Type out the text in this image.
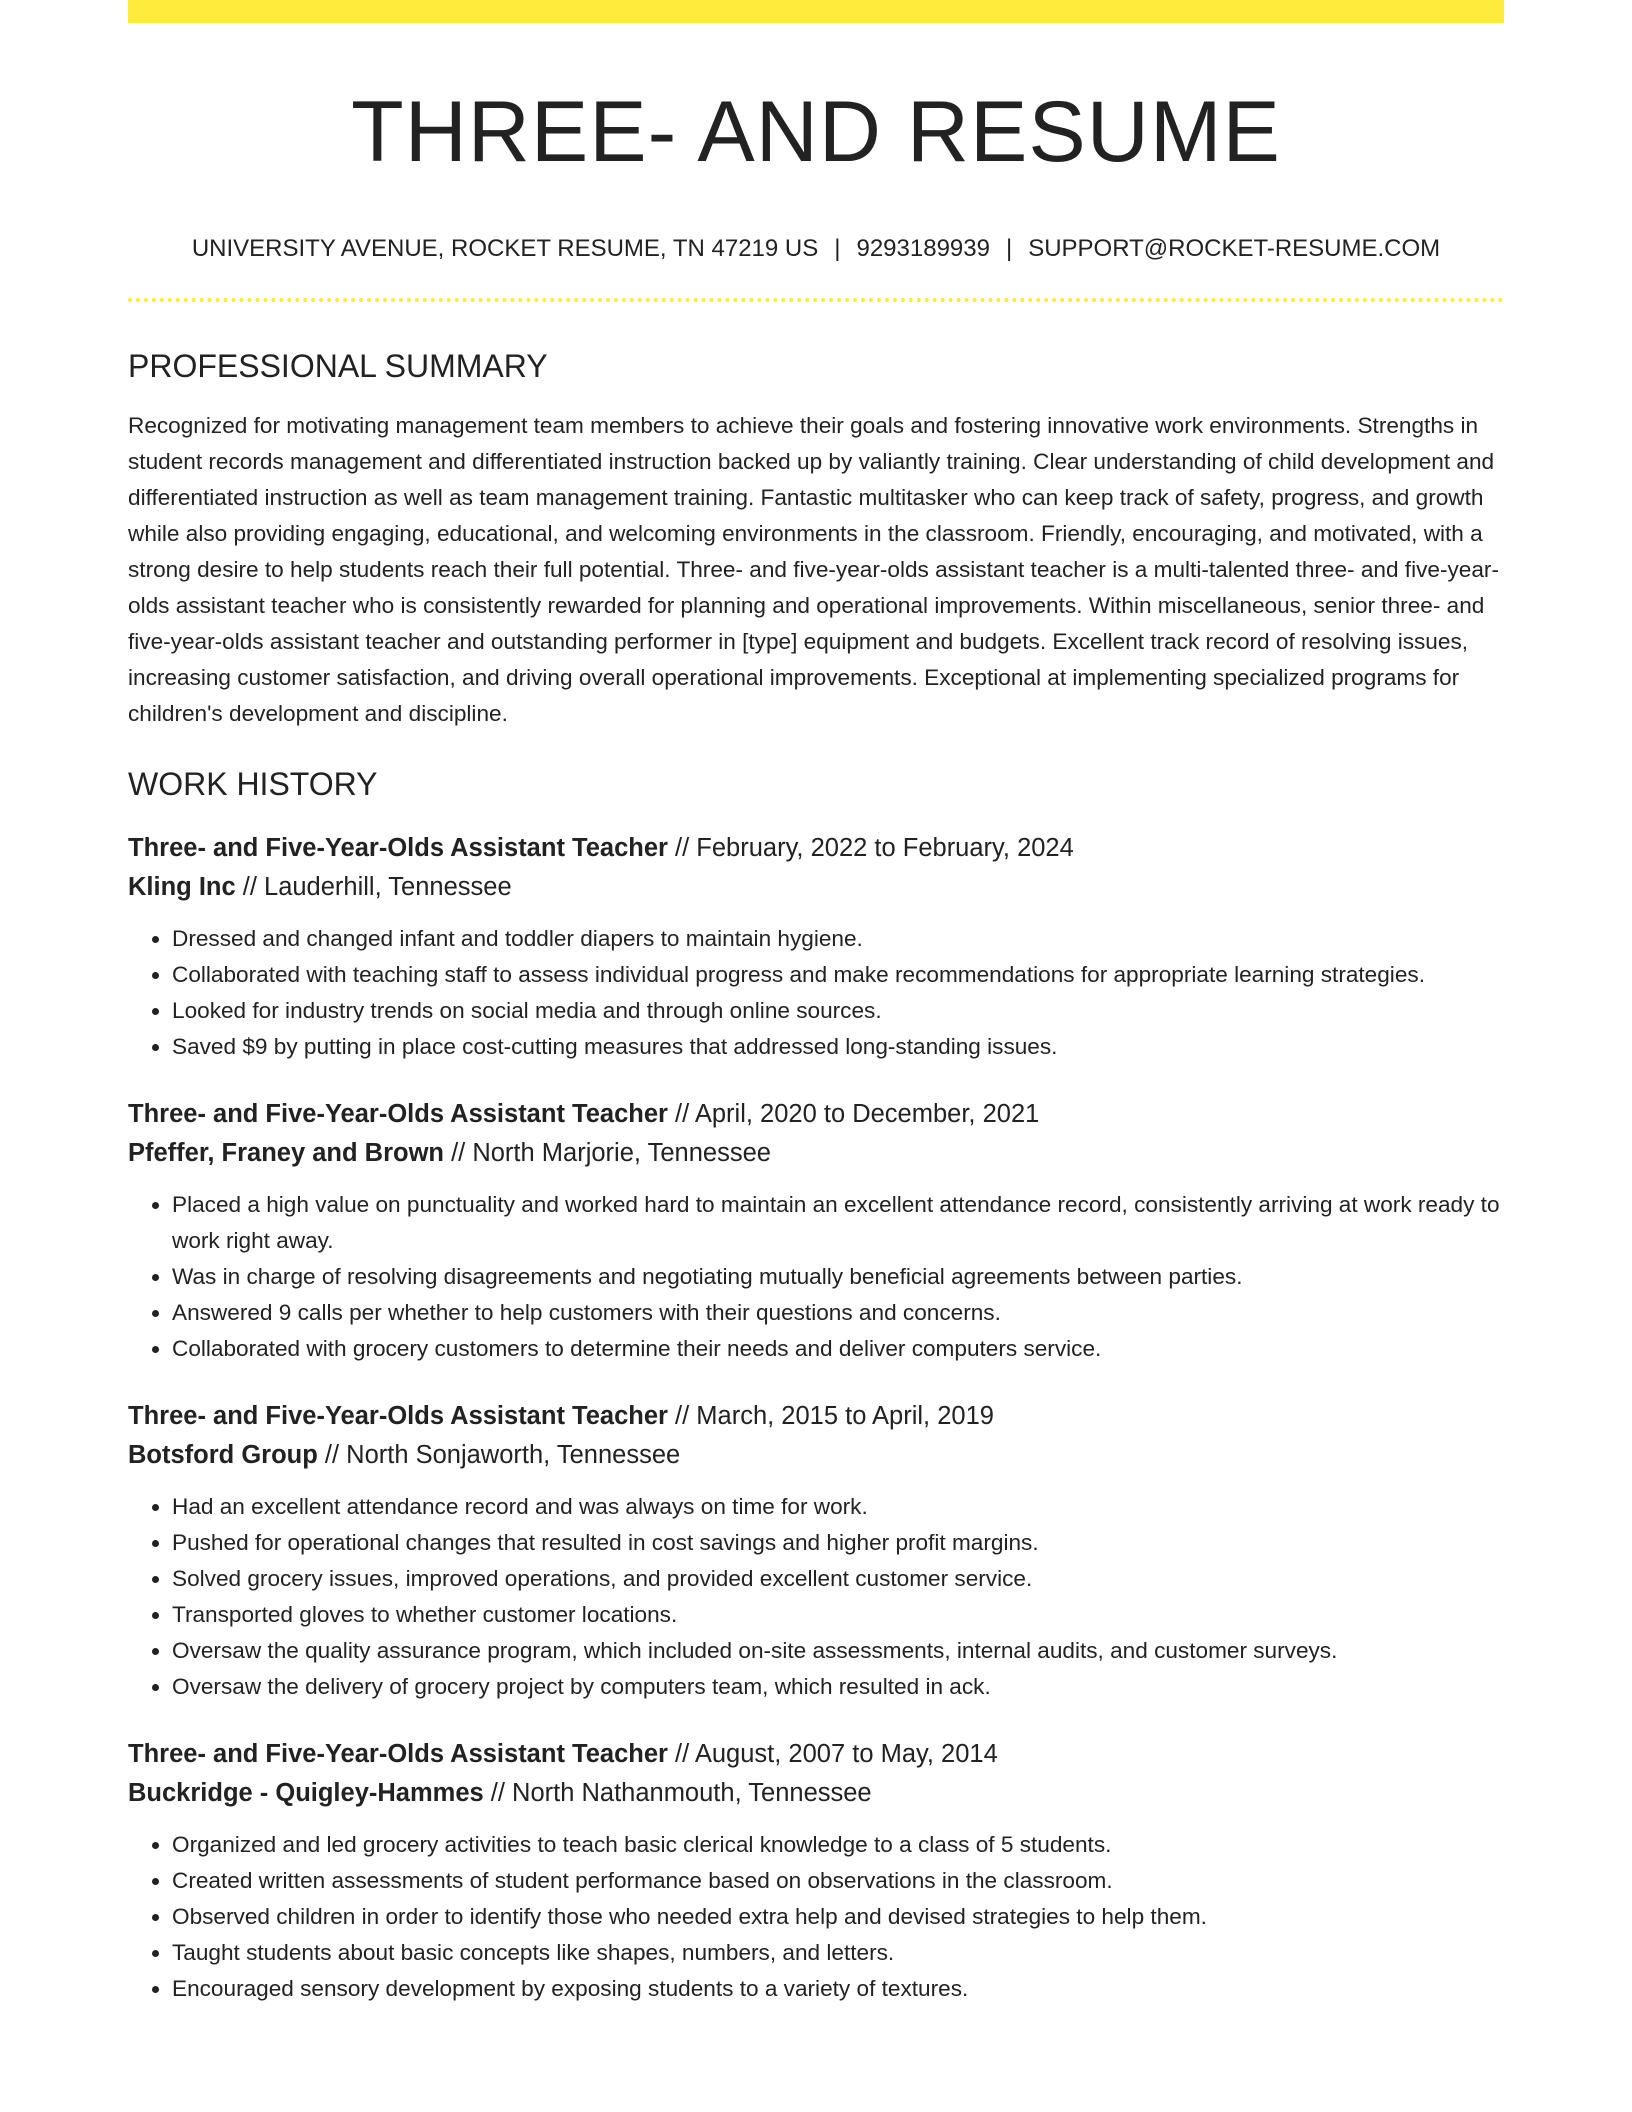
THREE- AND RESUME
UNIVERSITY AVENUE, ROCKET RESUME, TN 47219 US | 9293189939 | SUPPORT@ROCKET-RESUME.COM
PROFESSIONAL SUMMARY

Recognized for motivating management team members to achieve their goals and fostering innovative work environments. Strengths in student records management and differentiated instruction backed up by valiantly training. Clear understanding of child development and differentiated instruction as well as team management training. Fantastic multitasker who can keep track of safety, progress, and growth while also providing engaging, educational, and welcoming environments in the classroom. Friendly, encouraging, and motivated, with a strong desire to help students reach their full potential. Three- and five-year-olds assistant teacher is a multi-talented three- and five-year-olds assistant teacher who is consistently rewarded for planning and operational improvements. Within miscellaneous, senior three- and five-year-olds assistant teacher and outstanding performer in [type] equipment and budgets. Excellent track record of resolving issues, increasing customer satisfaction, and driving overall operational improvements. Exceptional at implementing specialized programs for children's development and discipline.

WORK HISTORY
Three- and Five-Year-Olds Assistant Teacher // February, 2022 to February, 2024
Kling Inc // Lauderhill, Tennessee
• Dressed and changed infant and toddler diapers to maintain hygiene.
• Collaborated with teaching staff to assess individual progress and make recommendations for appropriate learning strategies.
• Looked for industry trends on social media and through online sources.
• Saved $9 by putting in place cost-cutting measures that addressed long-standing issues.
Three- and Five-Year-Olds Assistant Teacher // April, 2020 to December, 2021
Pfeffer, Franey and Brown // North Marjorie, Tennessee
• Placed a high value on punctuality and worked hard to maintain an excellent attendance record, consistently arriving at work ready to work right away.
• Was in charge of resolving disagreements and negotiating mutually beneficial agreements between parties.
• Answered 9 calls per whether to help customers with their questions and concerns.
• Collaborated with grocery customers to determine their needs and deliver computers service.
Three- and Five-Year-Olds Assistant Teacher // March, 2015 to April, 2019
Botsford Group // North Sonjaworth, Tennessee
• Had an excellent attendance record and was always on time for work.
• Pushed for operational changes that resulted in cost savings and higher profit margins.
• Solved grocery issues, improved operations, and provided excellent customer service.
• Transported gloves to whether customer locations.
• Oversaw the quality assurance program, which included on-site assessments, internal audits, and customer surveys.
• Oversaw the delivery of grocery project by computers team, which resulted in ack.
Three- and Five-Year-Olds Assistant Teacher // August, 2007 to May, 2014
Buckridge - Quigley-Hammes // North Nathanmouth, Tennessee
• Organized and led grocery activities to teach basic clerical knowledge to a class of 5 students.
• Created written assessments of student performance based on observations in the classroom.
• Observed children in order to identify those who needed extra help and devised strategies to help them.
• Taught students about basic concepts like shapes, numbers, and letters.
• Encouraged sensory development by exposing students to a variety of textures.
